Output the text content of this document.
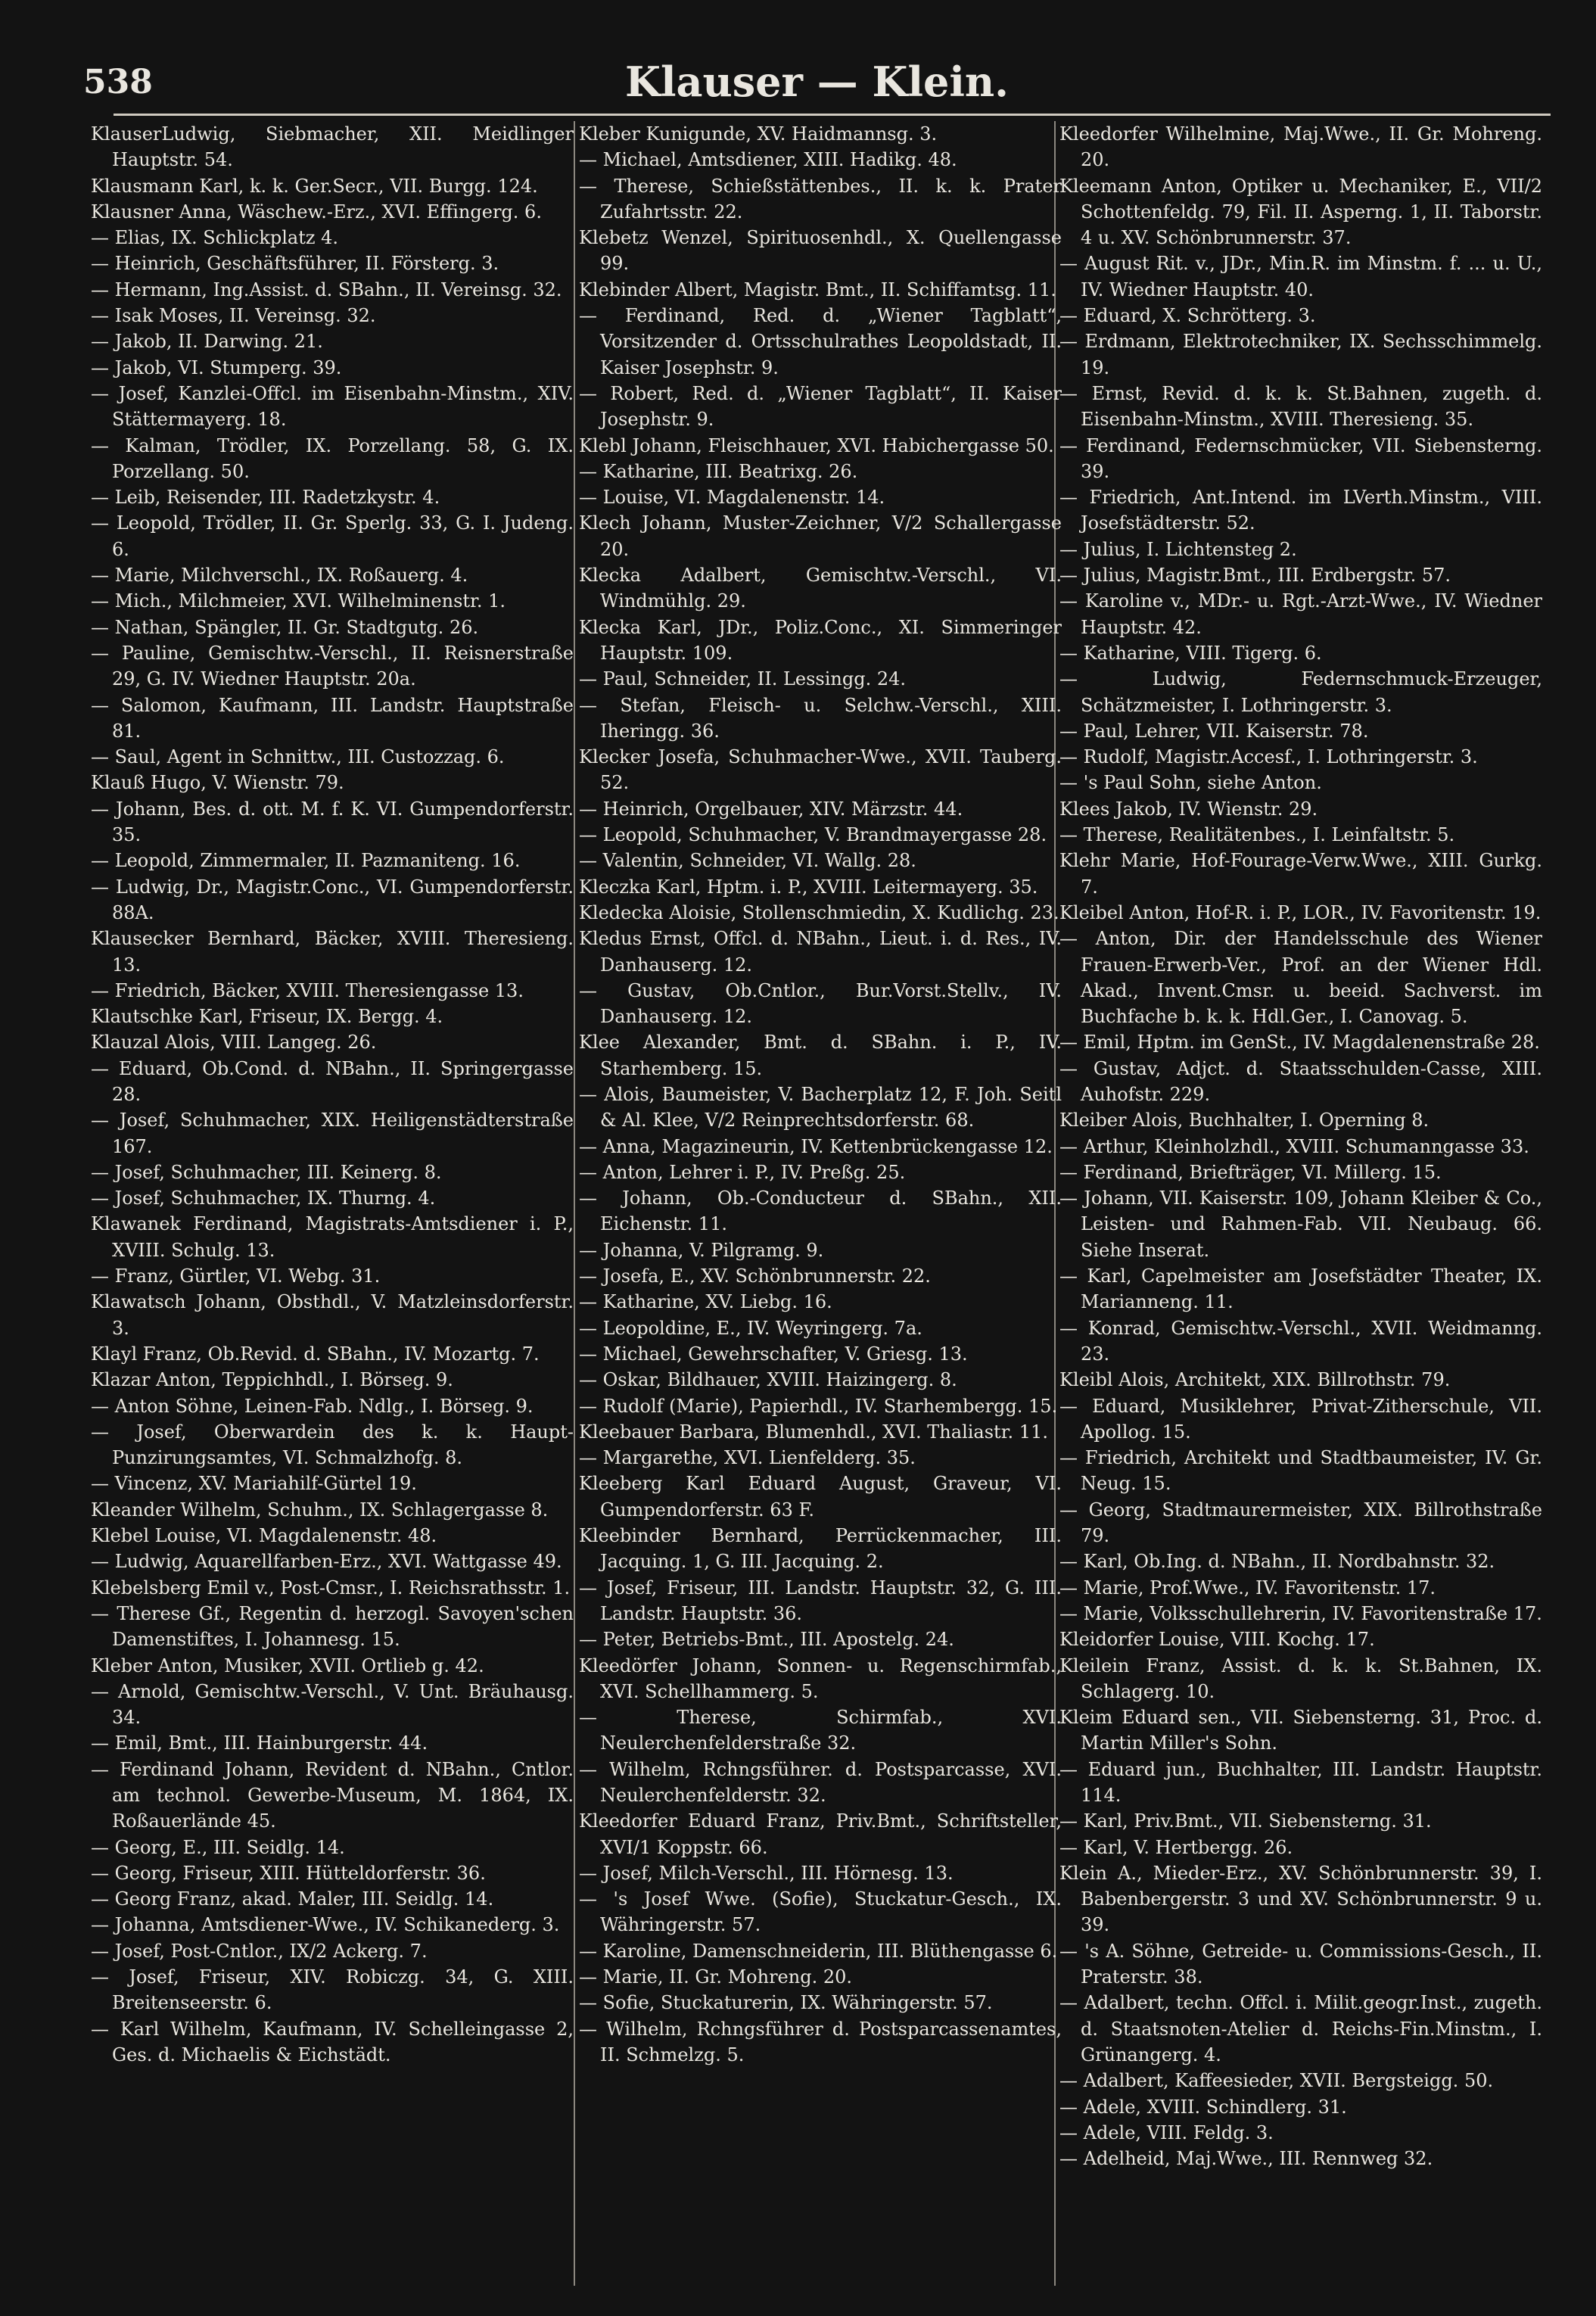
538	Klauser — Klein.

KlauserLudwig, Siebmacher, XII. Meidlinger Hauptstr. 54.

Klausmann Karl, k. k. Ger.Secr., VII. Burgg. 124.

Klausner Anna, Wäschew.-Erz., XVI. Effingerg. 6.

— Elias, IX. Schlickplatz 4.

— Heinrich, Geschäftsführer, II. Försterg. 3.

— Hermann, Ing.Assist. d. SBahn., II. Vereinsg. 32.

— Isak Moses, II. Vereinsg. 32.

— Jakob, II. Darwing. 21.

— Jakob, VI. Stumperg. 39.

— Josef, Kanzlei-Offcl. im Eisenbahn-Minstm., XIV. Stättermayerg. 18.

— Kalman, Trödler, IX. Porzellang. 58, G. IX. Porzellang. 50.

— Leib, Reisender, III. Radetzkystr. 4.

— Leopold, Trödler, II. Gr. Sperlg. 33, G. I. Judeng. 6.

— Marie, Milchverschl., IX. Roßauerg. 4.

— Mich., Milchmeier, XVI. Wilhelminenstr. 1.

— Nathan, Spängler, II. Gr. Stadtgutg. 26.

— Pauline, Gemischtw.-Verschl., II. Reisnerstraße 29, G. IV. Wiedner Hauptstr. 20a.

— Salomon, Kaufmann, III. Landstr. Hauptstraße 81.

— Saul, Agent in Schnittw., III. Custozzag. 6.

Klauß Hugo, V. Wienstr. 79.

— Johann, Bes. d. ott. M. f. K. VI. Gumpendorferstr. 35.

— Leopold, Zimmermaler, II. Pazmaniteng. 16.

— Ludwig, Dr., Magistr.Conc., VI. Gumpendorferstr. 88A.

Klausecker Bernhard, Bäcker, XVIII. Theresieng. 13.

— Friedrich, Bäcker, XVIII. Theresiengasse 13.

Klautschke Karl, Friseur, IX. Bergg. 4.

Klauzal Alois, VIII. Langeg. 26.

— Eduard, Ob.Cond. d. NBahn., II. Springergasse 28.

— Josef, Schuhmacher, XIX. Heiligenstädterstraße 167.

— Josef, Schuhmacher, III. Keinerg. 8.

— Josef, Schuhmacher, IX. Thurng. 4.

Klawanek Ferdinand, Magistrats-Amtsdiener i. P., XVIII. Schulg. 13.

— Franz, Gürtler, VI. Webg. 31.

Klawatsch Johann, Obsthdl., V. Matzleinsdorferstr. 3.

Klayl Franz, Ob.Revid. d. SBahn., IV. Mozartg. 7.

Klazar Anton, Teppichhdl., I. Börseg. 9.

— Anton Söhne, Leinen-Fab. Ndlg., I. Börseg. 9.

— Josef, Oberwardein des k. k. Haupt-Punzirungsamtes, VI. Schmalzhofg. 8.

— Vincenz, XV. Mariahilf-Gürtel 19.

Kleander Wilhelm, Schuhm., IX. Schlagergasse 8.

Klebel Louise, VI. Magdalenenstr. 48.

— Ludwig, Aquarellfarben-Erz., XVI. Wattgasse 49.

Klebelsberg Emil v., Post-Cmsr., I. Reichsrathsstr. 1.

— Therese Gf., Regentin d. herzogl. Savoyen'schen Damenstiftes, I. Johannesg. 15.

Kleber Anton, Musiker, XVII. Ortlieb g. 42.

— Arnold, Gemischtw.-Verschl., V. Unt. Bräuhausg. 34.

— Emil, Bmt., III. Hainburgerstr. 44.

— Ferdinand Johann, Revident d. NBahn., Cntlor. am technol. Gewerbe-Museum, M. 1864, IX. Roßauerlände 45.

— Georg, E., III. Seidlg. 14.

— Georg, Friseur, XIII. Hütteldorferstr. 36.

— Georg Franz, akad. Maler, III. Seidlg. 14.

— Johanna, Amtsdiener-Wwe., IV. Schikanederg. 3.

— Josef, Post-Cntlor., IX/2 Ackerg. 7.

— Josef, Friseur, XIV. Robiczg. 34, G. XIII. Breitenseerstr. 6.

— Karl Wilhelm, Kaufmann, IV. Schelleingasse 2, Ges. d. Michaelis & Eichstädt.

Kleber Kunigunde, XV. Haidmannsg. 3.

— Michael, Amtsdiener, XIII. Hadikg. 48.

— Therese, Schießstättenbes., II. k. k. Prater Zufahrtsstr. 22.

Klebetz Wenzel, Spirituosenhdl., X. Quellengasse 99.

Klebinder Albert, Magistr. Bmt., II. Schiffamtsg. 11.

— Ferdinand, Red. d. „Wiener Tagblatt“, Vorsitzender d. Ortsschulrathes Leopoldstadt, II. Kaiser Josephstr. 9.

— Robert, Red. d. „Wiener Tagblatt“, II. Kaiser Josephstr. 9.

Klebl Johann, Fleischhauer, XVI. Habichergasse 50.

— Katharine, III. Beatrixg. 26.

— Louise, VI. Magdalenenstr. 14.

Klech Johann, Muster-Zeichner, V/2 Schallergasse 20.

Klecka Adalbert, Gemischtw.-Verschl., VI. Windmühlg. 29.

Klecka Karl, JDr., Poliz.Conc., XI. Simmeringer Hauptstr. 109.

— Paul, Schneider, II. Lessingg. 24.

— Stefan, Fleisch- u. Selchw.-Verschl., XIII. Iheringg. 36.

Klecker Josefa, Schuhmacher-Wwe., XVII. Tauberg. 52.

— Heinrich, Orgelbauer, XIV. Märzstr. 44.

— Leopold, Schuhmacher, V. Brandmayergasse 28.

— Valentin, Schneider, VI. Wallg. 28.

Kleczka Karl, Hptm. i. P., XVIII. Leitermayerg. 35.

Kledecka Aloisie, Stollenschmiedin, X. Kudlichg. 23.

Kledus Ernst, Offcl. d. NBahn., Lieut. i. d. Res., IV. Danhauserg. 12.

— Gustav, Ob.Cntlor., Bur.Vorst.Stellv., IV. Danhauserg. 12.

Klee Alexander, Bmt. d. SBahn. i. P., IV. Starhemberg. 15.

— Alois, Baumeister, V. Bacherplatz 12, F. Joh. Seitl & Al. Klee, V/2 Reinprechtsdorferstr. 68.

— Anna, Magazineurin, IV. Kettenbrückengasse 12.

— Anton, Lehrer i. P., IV. Preßg. 25.

— Johann, Ob.-Conducteur d. SBahn., XII. Eichenstr. 11.

— Johanna, V. Pilgramg. 9.

— Josefa, E., XV. Schönbrunnerstr. 22.

— Katharine, XV. Liebg. 16.

— Leopoldine, E., IV. Weyringerg. 7a.

— Michael, Gewehrschafter, V. Griesg. 13.

— Oskar, Bildhauer, XVIII. Haizingerg. 8.

— Rudolf (Marie), Papierhdl., IV. Starhembergg. 15.

Kleebauer Barbara, Blumenhdl., XVI. Thaliastr. 11.

— Margarethe, XVI. Lienfelderg. 35.

Kleeberg Karl Eduard August, Graveur, VI. Gumpendorferstr. 63 F.

Kleebinder Bernhard, Perrückenmacher, III. Jacquing. 1, G. III. Jacquing. 2.

— Josef, Friseur, III. Landstr. Hauptstr. 32, G. III. Landstr. Hauptstr. 36.

— Peter, Betriebs-Bmt., III. Apostelg. 24.

Kleedörfer Johann, Sonnen- u. Regenschirmfab., XVI. Schellhammerg. 5.

— Therese, Schirmfab., XVI. Neulerchenfelderstraße 32.

— Wilhelm, Rchngsführer. d. Postsparcasse, XVI. Neulerchenfelderstr. 32.

Kleedorfer Eduard Franz, Priv.Bmt., Schriftsteller, XVI/1 Koppstr. 66.

— Josef, Milch-Verschl., III. Hörnesg. 13.

— 's Josef Wwe. (Sofie), Stuckatur-Gesch., IX. Währingerstr. 57.

— Karoline, Damenschneiderin, III. Blüthengasse 6.

— Marie, II. Gr. Mohreng. 20.

— Sofie, Stuckaturerin, IX. Währingerstr. 57.

— Wilhelm, Rchngsführer d. Postsparcassenamtes, II. Schmelzg. 5.

Kleedorfer Wilhelmine, Maj.Wwe., II. Gr. Mohreng. 20.

Kleemann Anton, Optiker u. Mechaniker, E., VII/2 Schottenfeldg. 79, Fil. II. Asperng. 1, II. Taborstr. 4 u. XV. Schönbrunnerstr. 37.

— August Rit. v., JDr., Min.R. im Minstm. f. ... u. U., IV. Wiedner Hauptstr. 40.

— Eduard, X. Schrötterg. 3.

— Erdmann, Elektrotechniker, IX. Sechsschimmelg. 19.

— Ernst, Revid. d. k. k. St.Bahnen, zugeth. d. Eisenbahn-Minstm., XVIII. Theresieng. 35.

— Ferdinand, Federnschmücker, VII. Siebensterng. 39.

— Friedrich, Ant.Intend. im LVerth.Minstm., VIII. Josefstädterstr. 52.

— Julius, I. Lichtensteg 2.

— Julius, Magistr.Bmt., III. Erdbergstr. 57.

— Karoline v., MDr.- u. Rgt.-Arzt-Wwe., IV. Wiedner Hauptstr. 42.

— Katharine, VIII. Tigerg. 6.

— Ludwig, Federnschmuck-Erzeuger, Schätzmeister, I. Lothringerstr. 3.

— Paul, Lehrer, VII. Kaiserstr. 78.

— Rudolf, Magistr.Accesf., I. Lothringerstr. 3.

— 's Paul Sohn, siehe Anton.

Klees Jakob, IV. Wienstr. 29.

— Therese, Realitätenbes., I. Leinfaltstr. 5.

Klehr Marie, Hof-Fourage-Verw.Wwe., XIII. Gurkg. 7.

Kleibel Anton, Hof-R. i. P., LOR., IV. Favoritenstr. 19.

— Anton, Dir. der Handelsschule des Wiener Frauen-Erwerb-Ver., Prof. an der Wiener Hdl. Akad., Invent.Cmsr. u. beeid. Sachverst. im Buchfache b. k. k. Hdl.Ger., I. Canovag. 5.

— Emil, Hptm. im GenSt., IV. Magdalenenstraße 28.

— Gustav, Adjct. d. Staatsschulden-Casse, XIII. Auhofstr. 229.

Kleiber Alois, Buchhalter, I. Operning 8.

— Arthur, Kleinholzhdl., XVIII. Schumanngasse 33.

— Ferdinand, Briefträger, VI. Millerg. 15.

— Johann, VII. Kaiserstr. 109, Johann Kleiber & Co., Leisten- und Rahmen-Fab. VII. Neubaug. 66. Siehe Inserat.

— Karl, Capelmeister am Josefstädter Theater, IX. Marianneng. 11.

— Konrad, Gemischtw.-Verschl., XVII. Weidmanng. 23.

Kleibl Alois, Architekt, XIX. Billrothstr. 79.

— Eduard, Musiklehrer, Privat-Zitherschule, VII. Apollog. 15.

— Friedrich, Architekt und Stadtbaumeister, IV. Gr. Neug. 15.

— Georg, Stadtmaurermeister, XIX. Billrothstraße 79.

— Karl, Ob.Ing. d. NBahn., II. Nordbahnstr. 32.

— Marie, Prof.Wwe., IV. Favoritenstr. 17.

— Marie, Volksschullehrerin, IV. Favoritenstraße 17.

Kleidorfer Louise, VIII. Kochg. 17.

Kleilein Franz, Assist. d. k. k. St.Bahnen, IX. Schlagerg. 10.

Kleim Eduard sen., VII. Siebensterng. 31, Proc. d. Martin Miller's Sohn.

— Eduard jun., Buchhalter, III. Landstr. Hauptstr. 114.

— Karl, Priv.Bmt., VII. Siebensterng. 31.

— Karl, V. Hertbergg. 26.

Klein A., Mieder-Erz., XV. Schönbrunnerstr. 39, I. Babenbergerstr. 3 und XV. Schönbrunnerstr. 9 u. 39.

— 's A. Söhne, Getreide- u. Commissions-Gesch., II. Praterstr. 38.

— Adalbert, techn. Offcl. i. Milit.geogr.Inst., zugeth. d. Staatsnoten-Atelier d. Reichs-Fin.Minstm., I. Grünangerg. 4.

— Adalbert, Kaffeesieder, XVII. Bergsteigg. 50.

— Adele, XVIII. Schindlerg. 31.

— Adele, VIII. Feldg. 3.

— Adelheid, Maj.Wwe., III. Rennweg 32.
